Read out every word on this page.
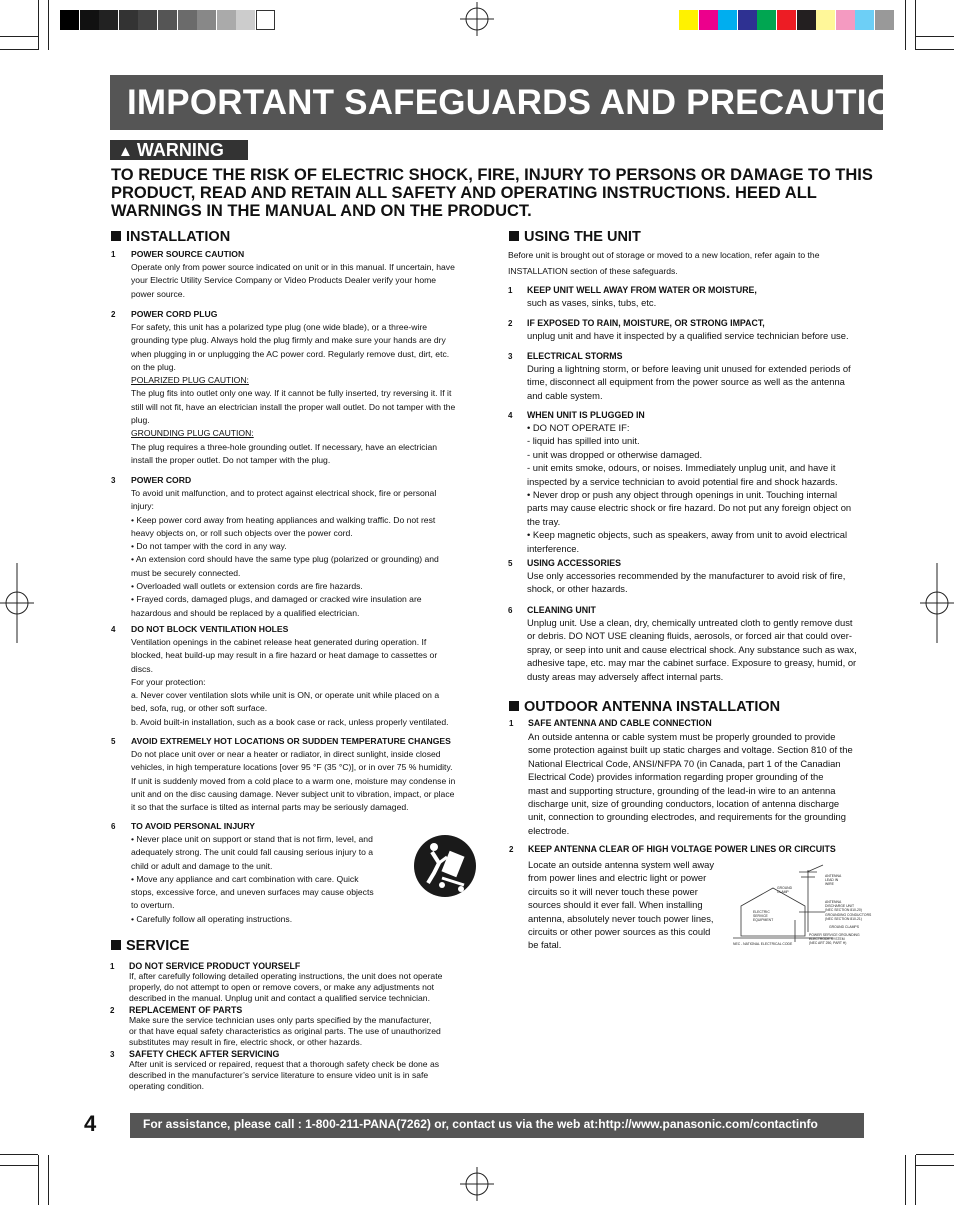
IMPORTANT SAFEGUARDS AND PRECAUTIONS
▲ WARNING
TO REDUCE THE RISK OF ELECTRIC SHOCK, FIRE, INJURY TO PERSONS OR DAMAGE TO THIS PRODUCT, READ AND RETAIN ALL SAFETY AND OPERATING INSTRUCTIONS. HEED ALL WARNINGS IN THE MANUAL AND ON THE PRODUCT.
INSTALLATION
1 POWER SOURCE CAUTION
Operate only from power source indicated on unit or in this manual. If uncertain, have
your Electric Utility Service Company or Video Products Dealer verify your home
power source.
2 POWER CORD PLUG
For safety, this unit has a polarized type plug (one wide blade), or a three-wire
grounding type plug. Always hold the plug firmly and make sure your hands are dry
when plugging in or unplugging the AC power cord. Regularly remove dust, dirt, etc.
on the plug.
POLARIZED PLUG CAUTION:
The plug fits into outlet only one way. If it cannot be fully inserted, try reversing it. If it
still will not fit, have an electrician install the proper wall outlet. Do not tamper with the
plug.
GROUNDING PLUG CAUTION:
The plug requires a three-hole grounding outlet. If necessary, have an electrician
install the proper outlet. Do not tamper with the plug.
3 POWER CORD
To avoid unit malfunction, and to protect against electrical shock, fire or personal
injury:
• Keep power cord away from heating appliances and walking traffic. Do not rest
heavy objects on, or roll such objects over the power cord.
• Do not tamper with the cord in any way.
• An extension cord should have the same type plug (polarized or grounding) and
must be securely connected.
• Overloaded wall outlets or extension cords are fire hazards.
• Frayed cords, damaged plugs, and damaged or cracked wire insulation are
hazardous and should be replaced by a qualified electrician.
4 DO NOT BLOCK VENTILATION HOLES
Ventilation openings in the cabinet release heat generated during operation. If
blocked, heat build-up may result in a fire hazard or heat damage to cassettes or
discs.
For your protection:
a. Never cover ventilation slots while unit is ON, or operate unit while placed on a
bed, sofa, rug, or other soft surface.
b. Avoid built-in installation, such as a book case or rack, unless properly ventilated.
5 AVOID EXTREMELY HOT LOCATIONS OR SUDDEN TEMPERATURE CHANGES
Do not place unit over or near a heater or radiator, in direct sunlight, inside closed
vehicles, in high temperature locations [over 95 °F (35 °C)], or in over 75 % humidity.
If unit is suddenly moved from a cold place to a warm one, moisture may condense in
unit and on the disc causing damage. Never subject unit to vibration, impact, or place
it so that the surface is tilted as internal parts may be seriously damaged.
6 TO AVOID PERSONAL INJURY
• Never place unit on support or stand that is not firm, level, and
adequately strong. The unit could fall causing serious injury to a
child or adult and damage to the unit.
• Move any appliance and cart combination with care. Quick
stops, excessive force, and uneven surfaces may cause objects
to overturn.
• Carefully follow all operating instructions.
SERVICE
1 DO NOT SERVICE PRODUCT YOURSELF
If, after carefully following detailed operating instructions, the unit does not operate
properly, do not attempt to open or remove covers, or make any adjustments not
described in the manual. Unplug unit and contact a qualified service technician.
2 REPLACEMENT OF PARTS
Make sure the service technician uses only parts specified by the manufacturer,
or that have equal safety characteristics as original parts. The use of unauthorized
substitutes may result in fire, electric shock, or other hazards.
3 SAFETY CHECK AFTER SERVICING
After unit is serviced or repaired, request that a thorough safety check be done as
described in the manufacturer’s service literature to ensure video unit is in safe
operating condition.
USING THE UNIT
Before unit is brought out of storage or moved to a new location, refer again to the
INSTALLATION section of these safeguards.
1 KEEP UNIT WELL AWAY FROM WATER OR MOISTURE,
such as vases, sinks, tubs, etc.
2 IF EXPOSED TO RAIN, MOISTURE, OR STRONG IMPACT,
unplug unit and have it inspected by a qualified service technician before use.
3 ELECTRICAL STORMS
During a lightning storm, or before leaving unit unused for extended periods of
time, disconnect all equipment from the power source as well as the antenna
and cable system.
4 WHEN UNIT IS PLUGGED IN
• DO NOT OPERATE IF:
- liquid has spilled into unit.
- unit was dropped or otherwise damaged.
- unit emits smoke, odours, or noises. Immediately unplug unit, and have it
inspected by a service technician to avoid potential fire and shock hazards.
• Never drop or push any object through openings in unit. Touching internal
parts may cause electric shock or fire hazard. Do not put any foreign object on
the tray.
• Keep magnetic objects, such as speakers, away from unit to avoid electrical
interference.
5 USING ACCESSORIES
Use only accessories recommended by the manufacturer to avoid risk of fire,
shock, or other hazards.
6 CLEANING UNIT
Unplug unit. Use a clean, dry, chemically untreated cloth to gently remove dust
or debris. DO NOT USE cleaning fluids, aerosols, or forced air that could over-
spray, or seep into unit and cause electrical shock. Any substance such as wax,
adhesive tape, etc. may mar the cabinet surface. Exposure to greasy, humid, or
dusty areas may adversely affect internal parts.
OUTDOOR ANTENNA INSTALLATION
1 SAFE ANTENNA AND CABLE CONNECTION
An outside antenna or cable system must be properly grounded to provide
some protection against built up static charges and voltage. Section 810 of the
National Electrical Code, ANSI/NFPA 70 (in Canada, part 1 of the Canadian
Electrical Code) provides information regarding proper grounding of the
mast and supporting structure, grounding of the lead-in wire to an antenna
discharge unit, size of grounding conductors, location of antenna discharge
unit, connection to grounding electrodes, and requirements for the grounding
electrode.
2 KEEP ANTENNA CLEAR OF HIGH VOLTAGE POWER LINES OR CIRCUITS
Locate an outside antenna system well away
from power lines and electric light or power
circuits so it will never touch these power
sources should it ever fall. When installing
antenna, absolutely never touch power lines,
circuits or other power sources as this could
be fatal.
GROUND
CLAMP
ANTENNA
LEAD IN
WIRE
ELECTRIC
SERVICE
EQUIPMENT
ANTENNA
DISCHARGE UNIT
(NEC SECTION 810-20)
GROUNDING CONDUCTORS
(NEC SECTION 810-21)
GROUND CLAMPS
POWER SERVICE GROUNDING
ELECTRODE SYSTEM
(NEC ART 250, PART H)
NEC - NATIONAL ELECTRICAL CODE
4	For assistance, please call : 1-800-211-PANA(7262) or, contact us via the web at:http://www.panasonic.com/contactinfo
